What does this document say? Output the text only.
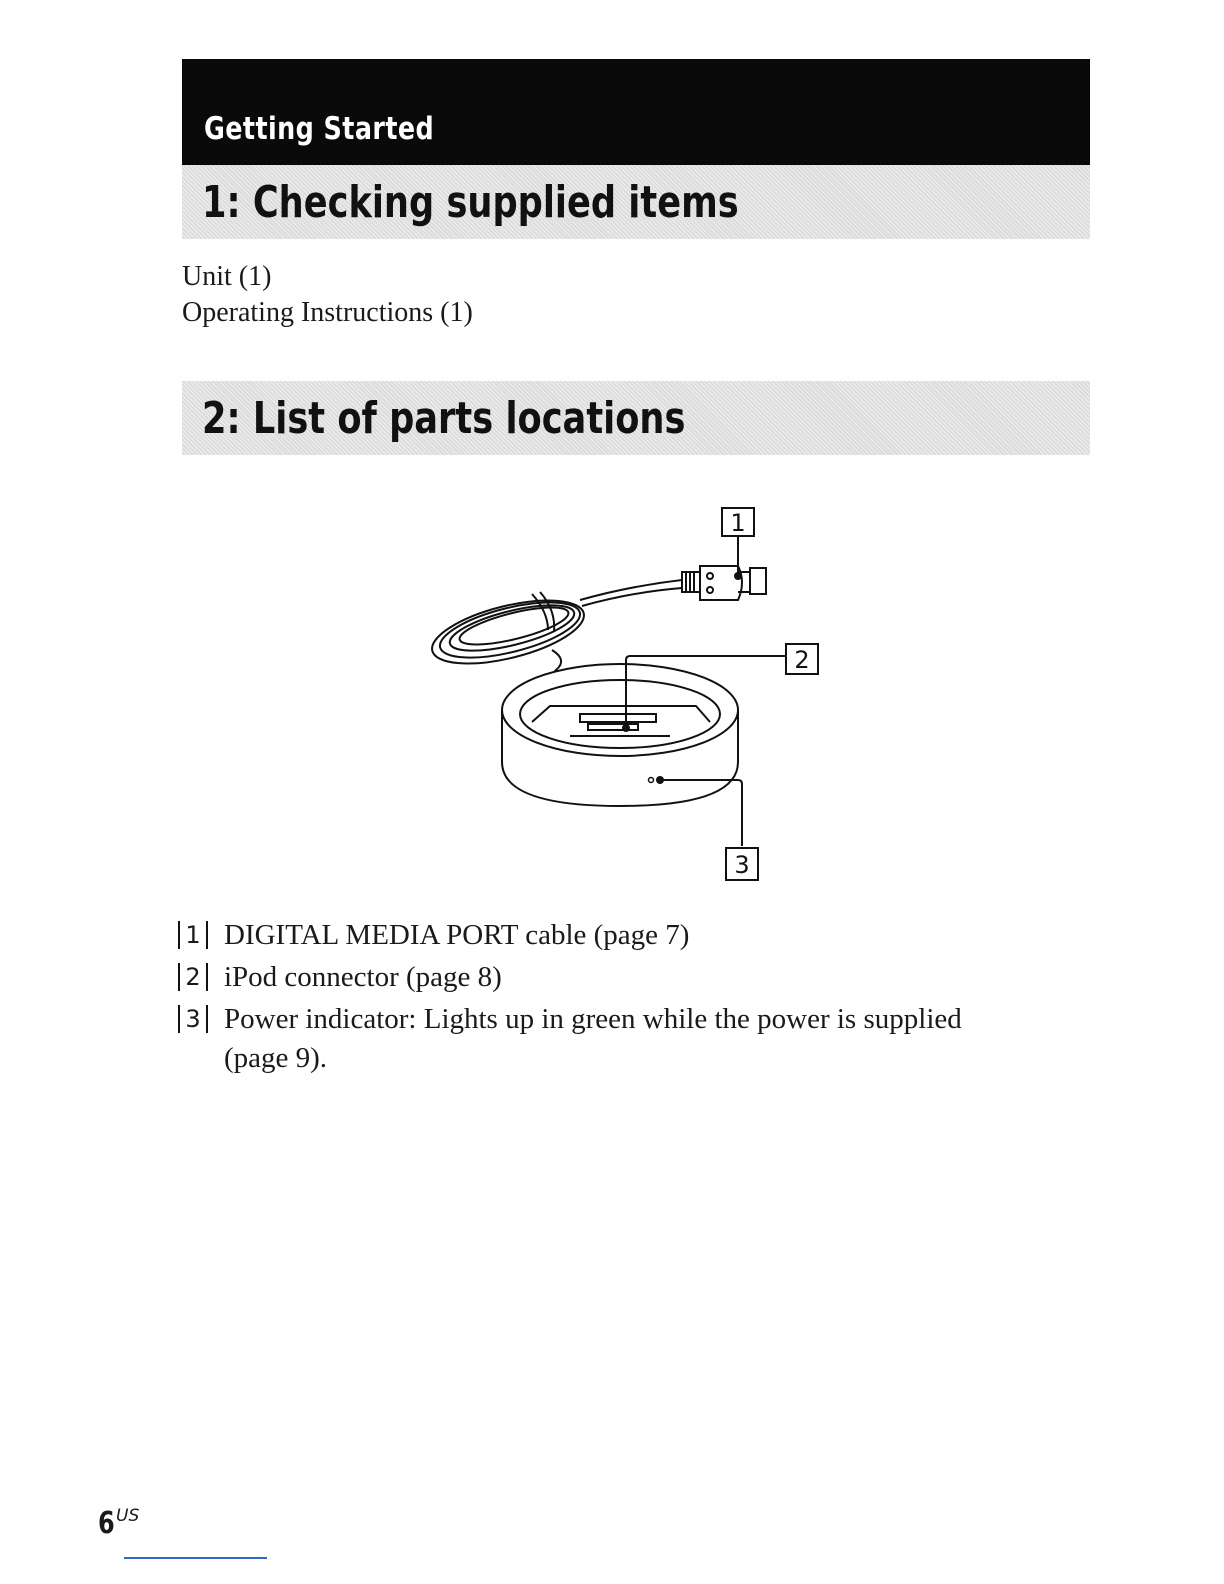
Getting Started
1: Checking supplied items
Unit (1)
Operating Instructions (1)
2: List of parts locations
1
2
3
1 DIGITAL MEDIA PORT cable (page 7)
2 iPod connector (page 8)
3 Power indicator: Lights up in green while the power is supplied
(page 9).
6 US
